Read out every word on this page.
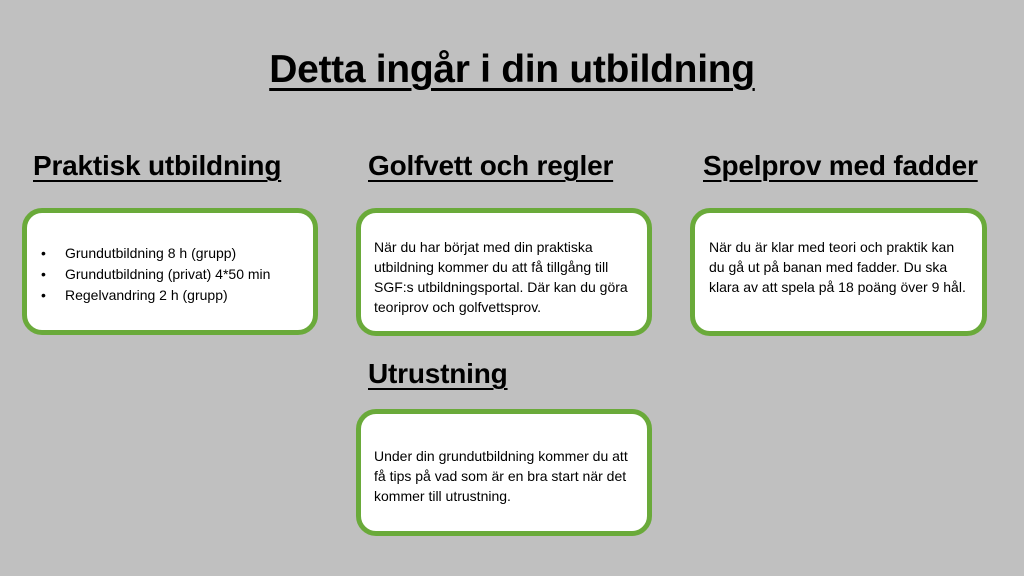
Detta ingår i din utbildning
Praktisk utbildning
• Grundutbildning 8 h (grupp)
• Grundutbildning (privat) 4*50 min
• Regelvandring 2 h (grupp)
Golfvett och regler

När du har börjat med din praktiska utbildning kommer du att få tillgång till SGF:s utbildningsportal. Där kan du göra teoriprov och golfvettsprov.

Spelprov med fadder

När du är klar med teori och praktik kan du gå ut på banan med fadder. Du ska klara av att spela på 18 poäng över 9 hål.

Utrustning

Under din grundutbildning kommer du att få tips på vad som är en bra start när det kommer till utrustning.
